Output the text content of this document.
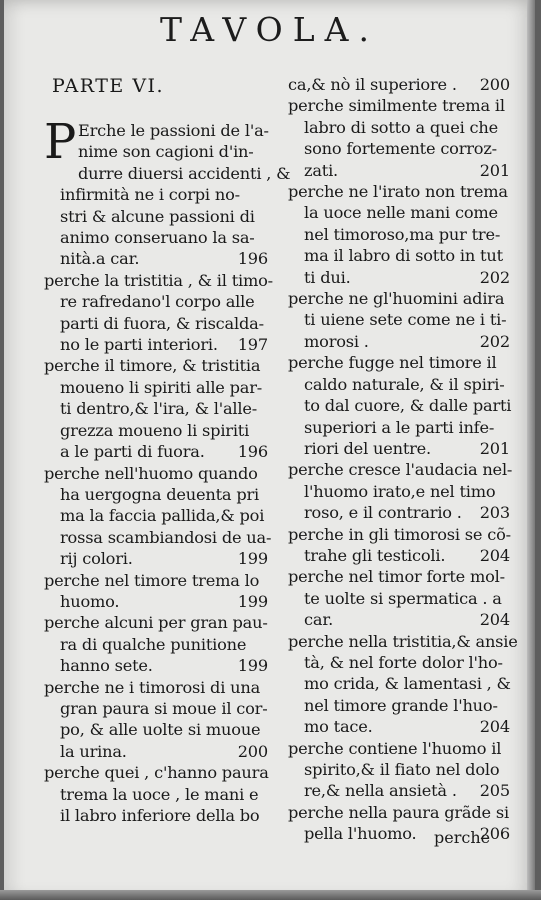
TAVOLA.
PARTE VI.
P Erche le passioni de l'a-
nime son cagioni d'in-
durre diuersi accidenti , &
infirmità ne i corpi no-
stri & alcune passioni di
animo conseruano la sa-
196
nità.a car.
perche la tristitia , & il timo-
re rafredano'l corpo alle
parti di fuora, & riscalda-
197
no le parti interiori.
perche il timore, & tristitia
moueno li spiriti alle par-
ti dentro,& l'ira, & l'alle-
grezza moueno li spiriti
196
a le parti di fuora.
perche nell'huomo quando
ha uergogna deuenta pri
ma la faccia pallida,& poi
rossa scambiandosi de ua-
199
rij colori.
perche nel timore trema lo
199
huomo.
perche alcuni per gran pau-
ra di qualche punitione
199
hanno sete.
perche ne i timorosi di una
gran paura si moue il cor-
po, & alle uolte si muoue
200
la urina.
perche quei , c'hanno paura
trema la uoce , le mani e
il labro inferiore della bo
200
ca,& nò il superiore .
perche similmente trema il
labro di sotto a quei che
sono fortemente corroz-
201
zati.
perche ne l'irato non trema
la uoce nelle mani come
nel timoroso,ma pur tre-
ma il labro di sotto in tut
202
ti dui.
perche ne gl'huomini adira
ti uiene sete come ne i ti-
202
morosi .
perche fugge nel timore il
caldo naturale, & il spiri-
to dal cuore, & dalle parti
superiori a le parti infe-
201
riori del uentre.
perche cresce l'audacia nel-
l'huomo irato,e nel timo
203
roso, e il contrario .
perche in gli timorosi se cõ-
204
trahe gli testicoli.
perche nel timor forte mol-
te uolte si spermatica . a
204
car.
perche nella tristitia,& ansie
tà, & nel forte dolor l'ho-
mo crida, & lamentasi , &
nel timore grande l'huo-
204
mo tace.
perche contiene l'huomo il
spirito,& il fiato nel dolo
205
re,& nella ansietà .
perche nella paura grãde si
206
pella l'huomo.	perche
